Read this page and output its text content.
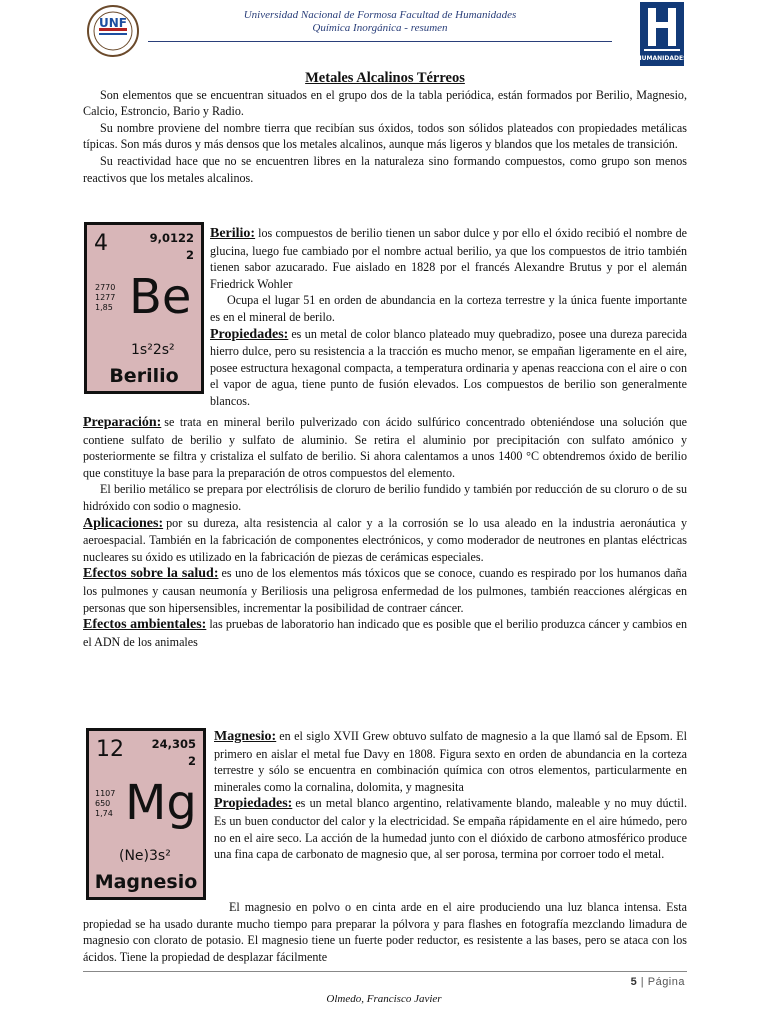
UNF
Universidad Nacional de Formosa Facultad de Humanidades
Química Inorgánica - resumen
HUMANIDADES
Metales Alcalinos Térreos

Son elementos que se encuentran situados en el grupo dos de la tabla periódica, están formados por Berilio, Magnesio, Calcio, Estroncio, Bario y Radio.

Su nombre proviene del nombre tierra que recibían sus óxidos, todos son sólidos plateados con propiedades metálicas típicas. Son más duros y más densos que los metales alcalinos, aunque más ligeros y blandos que los metales de transición.

Su reactividad hace que no se encuentren libres en la naturaleza sino formando compuestos, como grupo son menos reactivos que los metales alcalinos.

4	9,0122
2
2770
1277
1,85 Be
1s²2s²
Berilio

Berilio: los compuestos de berilio tienen un sabor dulce y por ello el óxido recibió el nombre de glucina, luego fue cambiado por el nombre actual berilio, ya que los compuestos de itrio también tienen sabor azucarado. Fue aislado en 1828 por el francés Alexandre Brutus y por el alemán Friedrick Wohler

Ocupa el lugar 51 en orden de abundancia en la corteza terrestre y la única fuente importante es en el mineral de berilo.

Propiedades: es un metal de color blanco plateado muy quebradizo, posee una dureza parecida hierro dulce, pero su resistencia a la tracción es mucho menor, se empañan ligeramente en el aire, posee estructura hexagonal compacta, a temperatura ordinaria y apenas reacciona con el aire o con el vapor de agua, tiene punto de fusión elevados. Los compuestos de berilio son generalmente blancos.

Preparación: se trata en mineral berilo pulverizado con ácido sulfúrico concentrado obteniéndose una solución que contiene sulfato de berilio y sulfato de aluminio. Se retira el aluminio por precipitación con sulfato amónico y posteriormente se filtra y cristaliza el sulfato de berilio. Si ahora calentamos a unos 1400 °C obtendremos óxido de berilio que constituye la base para la preparación de otros compuestos del elemento.

El berilio metálico se prepara por electrólisis de cloruro de berilio fundido y también por reducción de su cloruro o de su hidróxido con sodio o magnesio.

Aplicaciones: por su dureza, alta resistencia al calor y a la corrosión se lo usa aleado en la industria aeronáutica y aeroespacial. También en la fabricación de componentes electrónicos, y como moderador de neutrones en plantas eléctricas nucleares su óxido es utilizado en la fabricación de piezas de cerámicas especiales.

Efectos sobre la salud: es uno de los elementos más tóxicos que se conoce, cuando es respirado por los humanos daña los pulmones y causan neumonía y Beriliosis una peligrosa enfermedad de los pulmones, también reacciones alérgicas en personas que son hipersensibles, incrementar la posibilidad de contraer cáncer.

Efectos ambientales: las pruebas de laboratorio han indicado que es posible que el berilio produzca cáncer y cambios en el ADN de los animales

12 24,305
2
1107
650
1,74 Mg
(Ne)3s²
Magnesio

Magnesio: en el siglo XVII Grew obtuvo sulfato de magnesio a la que llamó sal de Epsom. El primero en aislar el metal fue Davy en 1808. Figura sexto en orden de abundancia en la corteza terrestre y sólo se encuentra en combinación química con otros elementos, particularmente en minerales como la cornalina, dolomita, y magnesita

Propiedades: es un metal blanco argentino, relativamente blando, maleable y no muy dúctil. Es un buen conductor del calor y la electricidad. Se empaña rápidamente en el aire húmedo, pero no en el aire seco. La acción de la humedad junto con el dióxido de carbono atmosférico produce una fina capa de carbonato de magnesio que, al ser porosa, termina por corroer todo el metal.

El magnesio en polvo o en cinta arde en el aire produciendo una luz blanca intensa. Esta propiedad se ha usado durante mucho tiempo para preparar la pólvora y para flashes en fotografía mezclando limadura de magnesio con clorato de potasio. El magnesio tiene un fuerte poder reductor, es resistente a las bases, pero se ataca con los ácidos. Tiene la propiedad de desplazar fácilmente

5 | Página
Olmedo, Francisco Javier
